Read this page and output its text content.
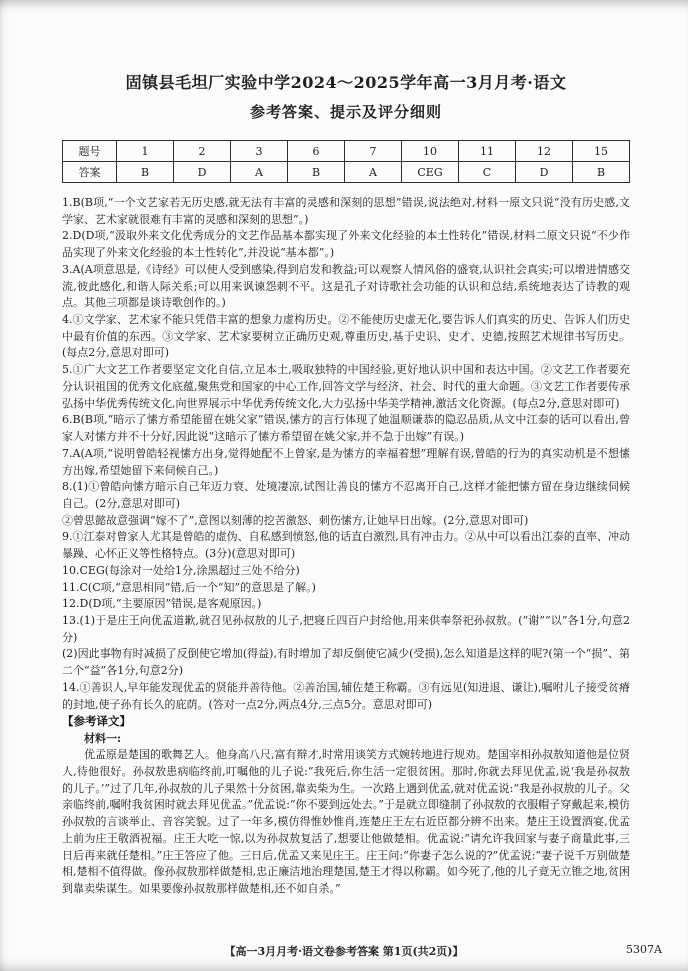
固镇县毛坦厂实验中学2024～2025学年高一3月月考·语文
参考答案、提示及评分细则
题号	1	2	3	6	7	10	11	12	15
答案	B	D	A	B	A	CEG	C	D	B

1.B(B项,“一个文艺家若无历史感,就无法有丰富的灵感和深刻的思想”错误,说法绝对,材料一原文只说“没有历史感,文学家、艺术家就很难有丰富的灵感和深刻的思想”。)

2.D(D项,“汲取外来文化优秀成分的文艺作品基本都实现了外来文化经验的本土性转化”错误,材料二原文只说“不少作品实现了外来文化经验的本土性转化”,并没说“基本都”。)

3.A(A项意思是,《诗经》可以使人受到感染,得到启发和教益;可以观察人情风俗的盛衰,认识社会真实;可以增进情感交流,彼此感化,和谐人际关系;可以用来讽谏怨刺不平。这是孔子对诗歌社会功能的认识和总结,系统地表达了诗教的观点。其他三项都是谈诗歌创作的。)

4.①文学家、艺术家不能只凭借丰富的想象力虚构历史。②不能使历史虚无化,要告诉人们真实的历史、告诉人们历史中最有价值的东西。③文学家、艺术家要树立正确历史观,尊重历史,基于史识、史才、史德,按照艺术规律书写历史。(每点2分,意思对即可)

5.①广大文艺工作者要坚定文化自信,立足本土,吸取独特的中国经验,更好地认识中国和表达中国。②文艺工作者要充分认识祖国的优秀文化底蕴,聚焦党和国家的中心工作,回答文学与经济、社会、时代的重大命题。③文艺工作者要传承弘扬中华优秀传统文化,向世界展示中华优秀传统文化,大力弘扬中华美学精神,激活文化资源。(每点2分,意思对即可)

6.B(B项,“暗示了愫方希望能留在姚父家”错误,愫方的言行体现了她温顺谦恭的隐忍品质,从文中江泰的话可以看出,曾家人对愫方并不十分好,因此说“这暗示了愫方希望留在姚父家,并不急于出嫁”有误。)

7.A(A项,“说明曾皓轻视愫方出身,觉得她配不上曾家,是为愫方的幸福着想”理解有误,曾皓的行为的真实动机是不想愫方出嫁,希望她留下来伺候自己。)

8.(1)①曾皓向愫方暗示自己年迈力衰、处境凄凉,试图让善良的愫方不忍离开自己,这样才能把愫方留在身边继续伺候自己。(2分,意思对即可)

②曾思懿故意强调“嫁不了”,意图以刻薄的挖苦激怒、刺伤愫方,让她早日出嫁。(2分,意思对即可)

9.①江泰对曾家人尤其是曾皓的虚伪、自私感到愤怒,他的话直白激烈,具有冲击力。②从中可以看出江泰的直率、冲动暴躁、心怀正义等性格特点。(3分)(意思对即可)

10.CEG(每涂对一处给1分,涂黑超过三处不给分)

11.C(C项,“意思相同”错,后一个“知”的意思是了解。)

12.D(D项,“主要原因”错误,是客观原因。)

13.(1)于是庄王向优孟道歉,就召见孙叔敖的儿子,把寝丘四百户封给他,用来供奉祭祀孙叔敖。(“谢”“以”各1分,句意2分)

(2)因此事物有时减损了反倒使它增加(得益),有时增加了却反倒使它减少(受损),怎么知道是这样的呢?(第一个“损”、第二个“益”各1分,句意2分)

14.①善识人,早年能发现优孟的贤能并善待他。②善治国,辅佐楚王称霸。③有远见(知进退、谦让),嘱咐儿子接受贫瘠的封地,使子孙有长久的庇荫。(答对一点2分,两点4分,三点5分。意思对即可)

【参考译文】

材料一:

优孟原是楚国的歌舞艺人。他身高八尺,富有辩才,时常用谈笑方式婉转地进行规劝。楚国宰相孙叔敖知道他是位贤人,待他很好。孙叔敖患病临终前,叮嘱他的儿子说:“我死后,你生活一定很贫困。那时,你就去拜见优孟,说‘我是孙叔敖的儿子。’”过了几年,孙叔敖的儿子果然十分贫困,靠卖柴为生。一次路上遇到优孟,就对优孟说:“我是孙叔敖的儿子。父亲临终前,嘱咐我贫困时就去拜见优孟。”优孟说:“你不要到远处去。”于是就立即缝制了孙叔敖的衣服帽子穿戴起来,模仿孙叔敖的言谈举止、音容笑貌。过了一年多,模仿得惟妙惟肖,连楚庄王左右近臣都分辨不出来。楚庄王设置酒宴,优孟上前为庄王敬酒祝福。庄王大吃一惊,以为孙叔敖复活了,想要让他做楚相。优孟说:“请允许我回家与妻子商量此事,三日后再来就任楚相。”庄王答应了他。三日后,优孟又来见庄王。庄王问:“你妻子怎么说的?”优孟说:“妻子说千万别做楚相,楚相不值得做。像孙叔敖那样做楚相,忠正廉洁地治理楚国,楚王才得以称霸。如今死了,他的儿子竟无立锥之地,贫困到靠卖柴谋生。如果要像孙叔敖那样做楚相,还不如自杀。”

【高一3月月考·语文卷参考答案 第1页(共2页)】	5307A
